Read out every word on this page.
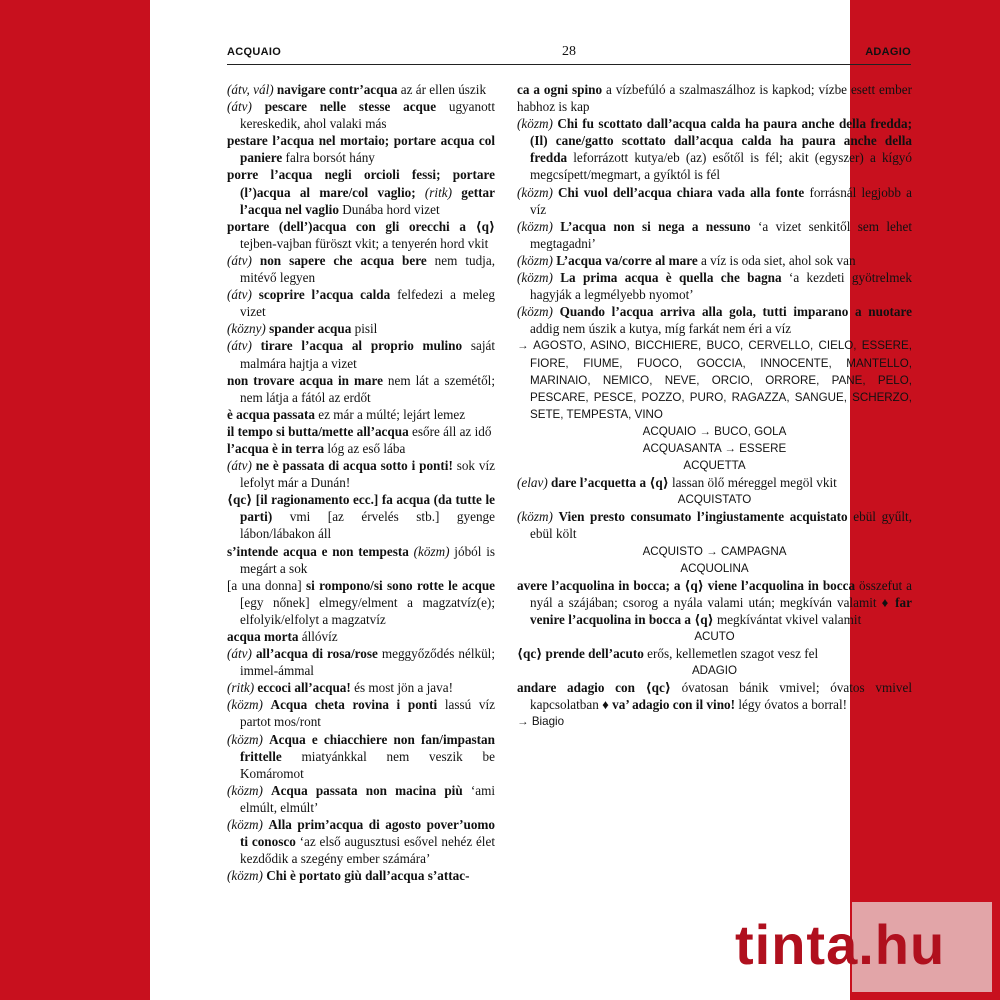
ACQUAIO	28	ADAGIO

(átv, vál) navigare contr’acqua az ár ellen úszik

(átv) pescare nelle stesse acque ugyanott kereskedik, ahol valaki más

pestare l’acqua nel mortaio; portare acqua col paniere falra borsót hány

porre l’acqua negli orcioli fessi; portare (l’)acqua al mare/col vaglio; (ritk) gettar l’acqua nel vaglio Dunába hord vizet

portare (dell’)acqua con gli orecchi a ⟨q⟩ tejben-vajban füröszt vkit; a tenyerén hord vkit

(átv) non sapere che acqua bere nem tudja, mitévő legyen

(átv) scoprire l’acqua calda felfedezi a meleg vizet

(közny) spander acqua pisil

(átv) tirare l’acqua al proprio mulino saját malmára hajtja a vizet

non trovare acqua in mare nem lát a szemétől; nem látja a fától az erdőt

è acqua passata ez már a múlté; lejárt lemez

il tempo si butta/mette all’acqua esőre áll az idő

l’acqua è in terra lóg az eső lába

(átv) ne è passata di acqua sotto i ponti! sok víz lefolyt már a Dunán!

⟨qc⟩ [il ragionamento ecc.] fa acqua (da tutte le parti) vmi [az érvelés stb.] gyenge lábon/lábakon áll

s’intende acqua e non tempesta (közm) jóból is megárt a sok

[a una donna] si rompono/si sono rotte le acque [egy nőnek] elmegy/elment a magzatvíz(e); elfolyik/elfolyt a magzatvíz

acqua morta állóvíz

(átv) all’acqua di rosa/rose meggyőződés nélkül; immel-ámmal

(ritk) eccoci all’acqua! és most jön a java!

(közm) Acqua cheta rovina i ponti lassú víz partot mos/ront

(közm) Acqua e chiacchiere non fan/impastan frittelle miatyánkkal nem veszik be Komáromot

(közm) Acqua passata non macina più ‘ami elmúlt, elmúlt’

(közm) Alla prim’acqua di agosto pover’uomo ti conosco ‘az első augusztusi esővel nehéz élet kezdődik a szegény ember számára’

(közm) Chi è portato giù dall’acqua s’attac-

ca a ogni spino a vízbefúló a szalmaszálhoz is kapkod; vízbe esett ember habhoz is kap

(közm) Chi fu scottato dall’acqua calda ha paura anche della fredda; (Il) cane/gatto scottato dall’acqua calda ha paura anche della fredda leforrázott kutya/eb (az) esőtől is fél; akit (egyszer) a kígyó megcsípett/megmart, a gyíktól is fél

(közm) Chi vuol dell’acqua chiara vada alla fonte forrásnál legjobb a víz

(közm) L’acqua non si nega a nessuno ‘a vizet senkitől sem lehet megtagadni’

(közm) L’acqua va/corre al mare a víz is oda siet, ahol sok van

(közm) La prima acqua è quella che bagna ‘a kezdeti gyötrelmek hagyják a legmélyebb nyomot’

(közm) Quando l’acqua arriva alla gola, tutti imparano a nuotare addig nem úszik a kutya, míg farkát nem éri a víz

→ AGOSTO, ASINO, BICCHIERE, BUCO, CERVELLO, CIELO, ESSERE, FIORE, FIUME, FUOCO, GOCCIA, INNOCENTE, MANTELLO, MARINAIO, NEMICO, NEVE, ORCIO, ORRORE, PANE, PELO, PESCARE, PESCE, POZZO, PURO, RAGAZZA, SANGUE, SCHERZO, SETE, TEMPESTA, VINO

ACQUAIO → BUCO, GOLA

ACQUASANTA → ESSERE

ACQUETTA

(elav) dare l’acquetta a ⟨q⟩ lassan ölő méreggel megöl vkit

ACQUISTATO

(közm) Vien presto consumato l’ingiustamente acquistato ebül gyűlt, ebül költ

ACQUISTO → CAMPAGNA

ACQUOLINA

avere l’acquolina in bocca; a ⟨q⟩ viene l’acquolina in bocca összefut a nyál a szájában; csorog a nyála valami után; megkíván valamit ♦ far venire l’acquolina in bocca a ⟨q⟩ megkívántat vkivel valamit

ACUTO

⟨qc⟩ prende dell’acuto erős, kellemetlen szagot vesz fel

ADAGIO

andare adagio con ⟨qc⟩ óvatosan bánik vmivel; óvatos vmivel kapcsolatban ♦ va’ adagio con il vino! légy óvatos a borral!

→ Biagio

tinta.hu
